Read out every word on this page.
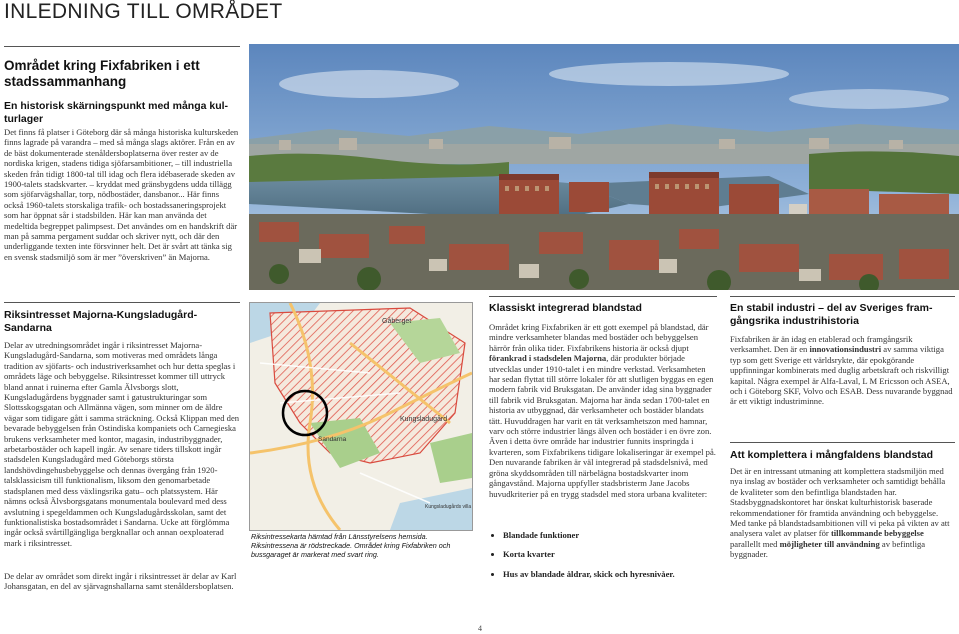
INLEDNING TILL OMRÅDET
Området kring Fixfabriken i ett
stadssammanhang
En historisk skärningspunkt med många kul-
turlager

Det finns få platser i Göteborg där så många historiska kulturskeden finns lagrade på varandra – med så många slags aktörer. Från en av de bäst dokumenterade stenåldersboplatserna över rester av de nordiska krigen, stadens tidiga sjöfarsambitioner, – till industriella skeden från tidigt 1800-tal till idag och flera idébaserade skeden av 1900-talets stadskvarter. – kryddat med gränsbygdens udda tillägg som sjöfarvägshallar, torp, nödbostäder, dansbanor... Här finns också 1960-talets storskaliga trafik- och bostadssaneringsprojekt som har öppnat sår i stadsbilden. Här kan man använda det medeltida begreppet palimpsest. Det användes om en handskrift där man på samma pergament suddar och skriver nytt, och där den underliggande texten inte försvinner helt. Det är svårt att tänka sig en svensk stadsmiljö som är mer ”överskriven” än Majorna.

Riksintresset Majorna-Kungsladugård-
Sandarna

Delar av utredningsområdet ingår i riksintresset Majorna-Kungsladugård-Sandarna, som motiveras med områdets långa tradition av sjöfarts- och industriverksamhet och hur detta speglas i områdets läge och bebyggelse. Riksintresset kommer till uttryck bland annat i ruinerna efter Gamla Älvsborgs slott, Kungsladugårdens byggnader samt i gatustrukturingar som Slottsskogsgatan och Allmänna vägen, som minner om de äldre vägar som tidigare gått i samma sträckning. Också Klippan med den bevarade bebyggelsen från Ostindiska kompaniets och Carnegieska brukens verksamheter med kontor, magasin, industribyggnader, arbetarbostäder och kapell ingår. Av senare tiders tillskott ingår stadsdelen Kungsladugård med Göteborgs största landshövdingehusbebyggelse och dennas övergång från 1920-talsklassicism till funktionalism, liksom den genomarbetade stadsplanen med dess växlingsrika gatu– och platssystem. Här nämns också Älvsborgsgatans monumentala boulevard med dess avslutning i spegeldammen och Kungsladugårdsskolan, samt det funktionalistiska bostadsområdet i Sandarna. Ucke att förglömma ingår också svårtillgängliga bergknallar och annan oexploaterad mark i riksintresset.

De delar av området som direkt ingår i riksintresset är delar av Karl Johansgatan, en del av sjärvagnshallarna samt stenåldersboplatsen.

Gåberget
Kungsladugård
Sandarna
Kungsladugårds villa
Riksintressekarta hämtad från Länsstyrelsens hemsida.
Riksintressena är rödstreckade. Området kring Fixfabriken och
bussgaraget är markerat med svart ring.
Klassiskt integrerad blandstad

Området kring Fixfabriken är ett gott exempel på blandstad, där mindre verksamheter blandas med bostäder och bebyggelsen härrör från olika tider. Fixfabrikens historia är också djupt förankrad i stadsdelen Majorna, där produkter började utvecklas under 1910-talet i en mindre verkstad. Verksamheten har sedan flyttat till större lokaler för att slutligen byggas en egen modern fabrik vid Bruksgatan. De använder idag sina byggnader till fabrik vid Bruksgatan. Majorna har ända sedan 1700-talet en historia av utbyggnad, där verksamheter och bostäder blandats tätt. Huvuddragen har varit en tät verksamhetszon med hamnar, varv och större industrier längs älven och bostäder i en övre zon. Även i detta övre område har industrier funnits inspringda i kvarteren, som Fixfabrikens tidigare lokaliseringar är exempel på. Den nuvarande fabriken är väl integrerad på stadsdelsnivå, med gröna skyddsområden till närbelägna bostadskvarter inom gångavstånd. Majorna uppfyller stadsbristerm Jane Jacobs huvudkriterier på en trygg stadsdel med stora urbana kvaliteter:

• Blandade funktioner
• Korta kvarter
• Hus av blandade åldrar, skick och hyresnivåer.
En stabil industri – del av Sveriges fram-
gångsrika industrihistoria

Fixfabriken är än idag en etablerad och framgångsrik verksamhet. Den är en innovationsindustri av samma viktiga typ som gett Sverige ett världsrykte, där epokgörande uppfinningar kombinerats med duglig arbetskraft och riskvilligt kapital. Några exempel är Alfa-Laval, L M Ericsson och ASEA, och i Göteborg SKF, Volvo och ESAB. Dess nuvarande byggnad är ett viktigt industriminne.

Att komplettera i mångfaldens blandstad

Det är en intressant utmaning att komplettera stadsmiljön med nya inslag av bostäder och verksamheter och samtidigt behålla de kvaliteter som den befintliga blandstaden har. Stadsbyggnadskontoret har önskat kulturhistorisk baserade rekommendationer för framtida användning och bebyggelse. Med tanke på blandstadsambitionen vill vi peka på vikten av att analysera valet av platser för tillkommande bebyggelse parallellt med möjligheter till användning av befintliga byggnader.

4
